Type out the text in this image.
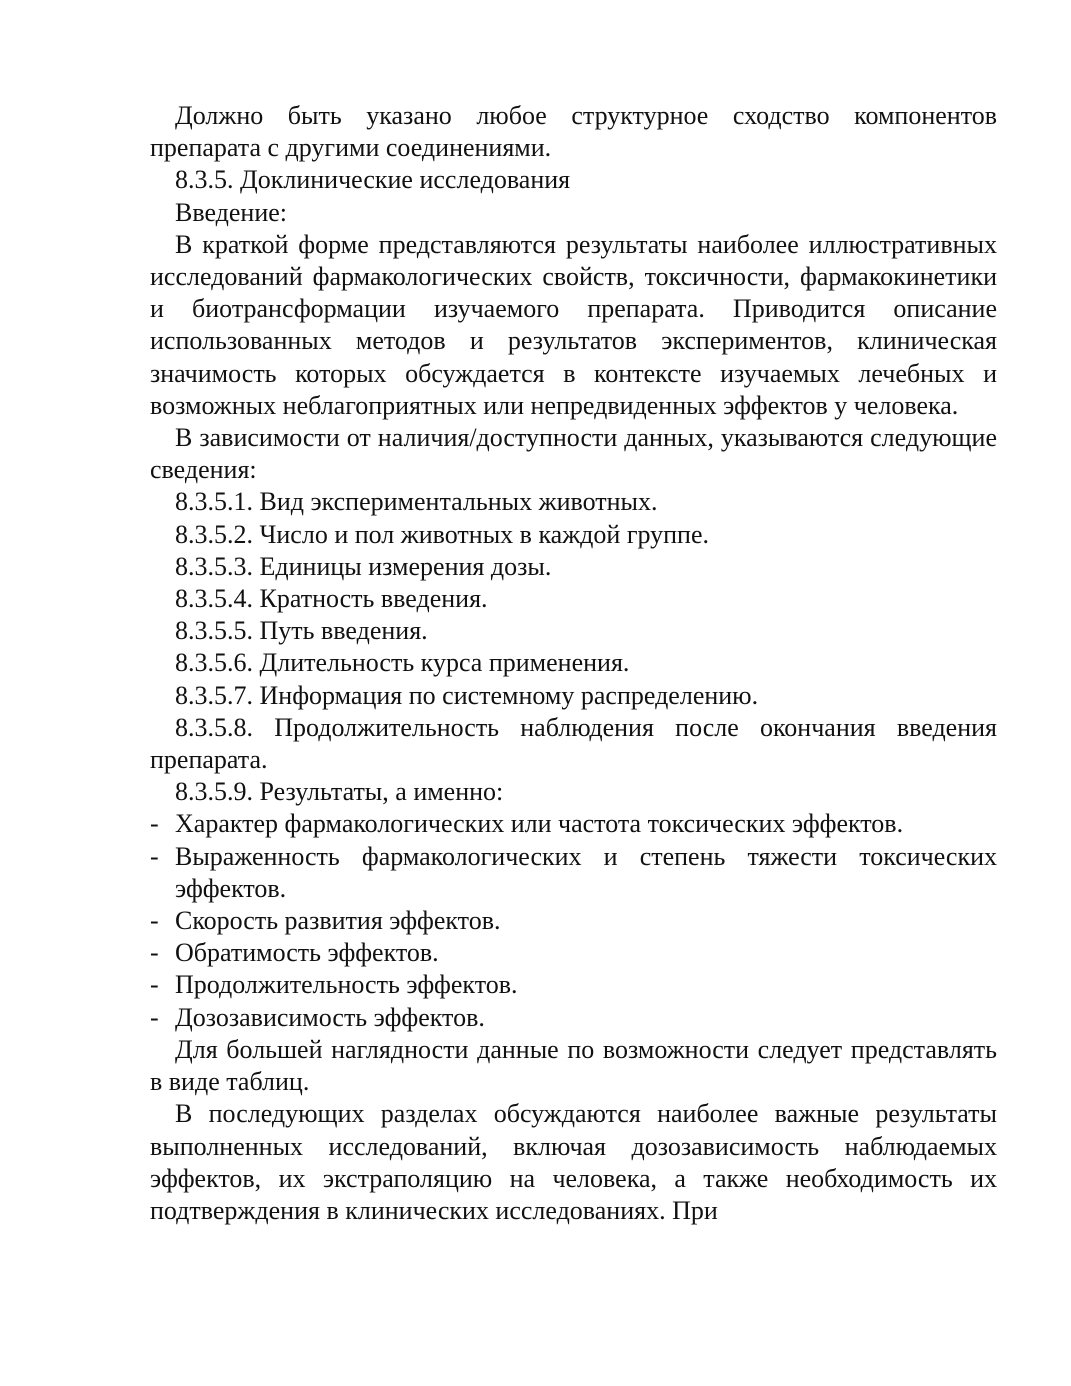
Должно быть указано любое структурное сходство компонентов препарата с другими соединениями.

8.3.5. Доклинические исследования

Введение:

В краткой форме представляются результаты наиболее иллюстративных исследований фармакологических свойств, токсичности, фармакокинетики и биотрансформации изучаемого препарата. Приводится описание использованных методов и результатов экспериментов, клиническая значимость которых обсуждается в контексте изучаемых лечебных и возможных неблагоприятных или непредвиденных эффектов у человека.

В зависимости от наличия/доступности данных, указываются следующие сведения:

8.3.5.1. Вид экспериментальных животных.

8.3.5.2. Число и пол животных в каждой группе.

8.3.5.3. Единицы измерения дозы.

8.3.5.4. Кратность введения.

8.3.5.5. Путь введения.

8.3.5.6. Длительность курса применения.

8.3.5.7. Информация по системному распределению.

8.3.5.8. Продолжительность наблюдения после окончания введения препарата.

8.3.5.9. Результаты, а именно:

- Характер фармакологических или частота токсических эффектов.

- Выраженность фармакологических и степень тяжести токсических эффектов.

- Скорость развития эффектов.

- Обратимость эффектов.

- Продолжительность эффектов.

- Дозозависимость эффектов.

Для большей наглядности данные по возможности следует представлять в виде таблиц.

В последующих разделах обсуждаются наиболее важные результаты выполненных исследований, включая дозозависимость наблюдаемых эффектов, их экстраполяцию на человека, а также необходимость их подтверждения в клинических исследованиях. При
